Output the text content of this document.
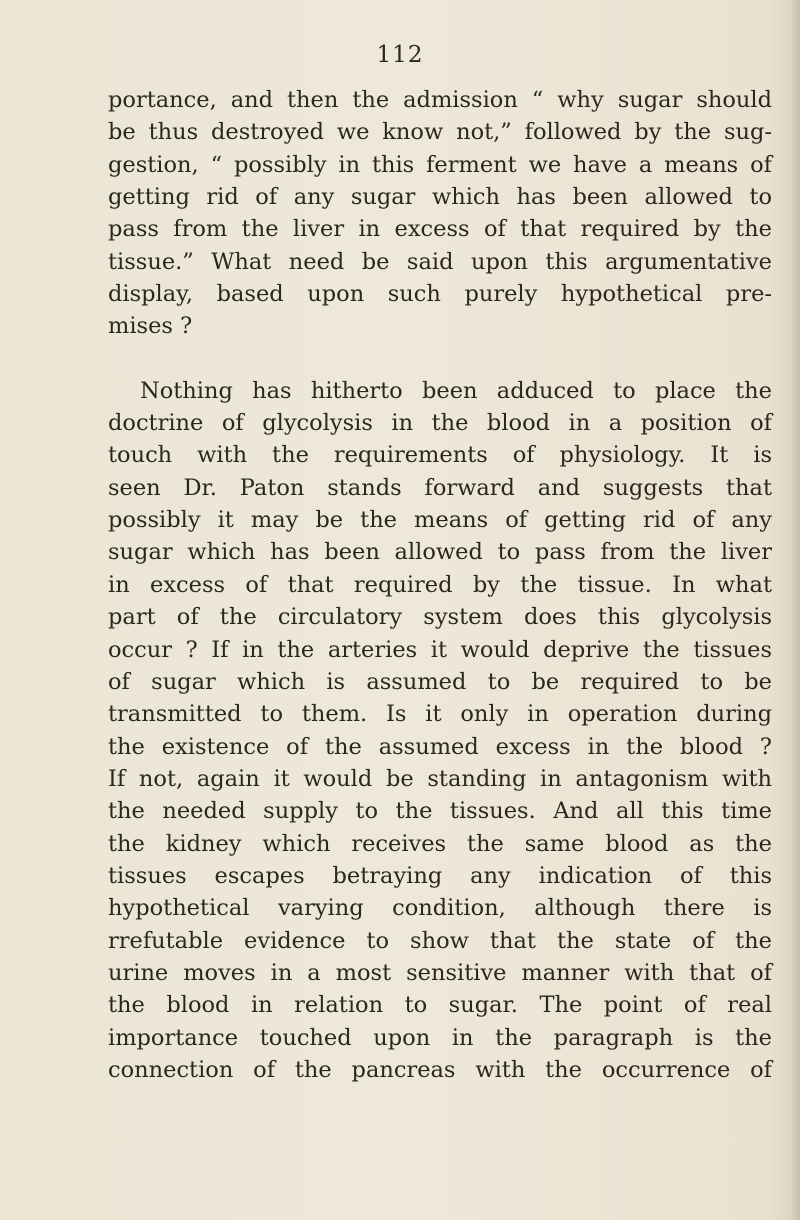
112
portance, and then the admission “ why sugar should
be thus destroyed we know not,” followed by the sug-
gestion, “ possibly in this ferment we have a means of
getting rid of any sugar which has been allowed to
pass from the liver in excess of that required by the
tissue.” What need be said upon this argumentative
display, based upon such purely hypothetical pre-
mises ?
Nothing has hitherto been adduced to place the
doctrine of glycolysis in the blood in a position of
touch with the requirements of physiology. It is
seen Dr. Paton stands forward and suggests that
possibly it may be the means of getting rid of any
sugar which has been allowed to pass from the liver
in excess of that required by the tissue. In what
part of the circulatory system does this glycolysis
occur ? If in the arteries it would deprive the tissues
of sugar which is assumed to be required to be
transmitted to them. Is it only in operation during
the existence of the assumed excess in the blood ?
If not, again it would be standing in antagonism with
the needed supply to the tissues. And all this time
the kidney which receives the same blood as the
tissues escapes betraying any indication of this
hypothetical varying condition, although there is
rrefutable evidence to show that the state of the
urine moves in a most sensitive manner with that of
the blood in relation to sugar. The point of real
importance touched upon in the paragraph is the
connection of the pancreas with the occurrence of
